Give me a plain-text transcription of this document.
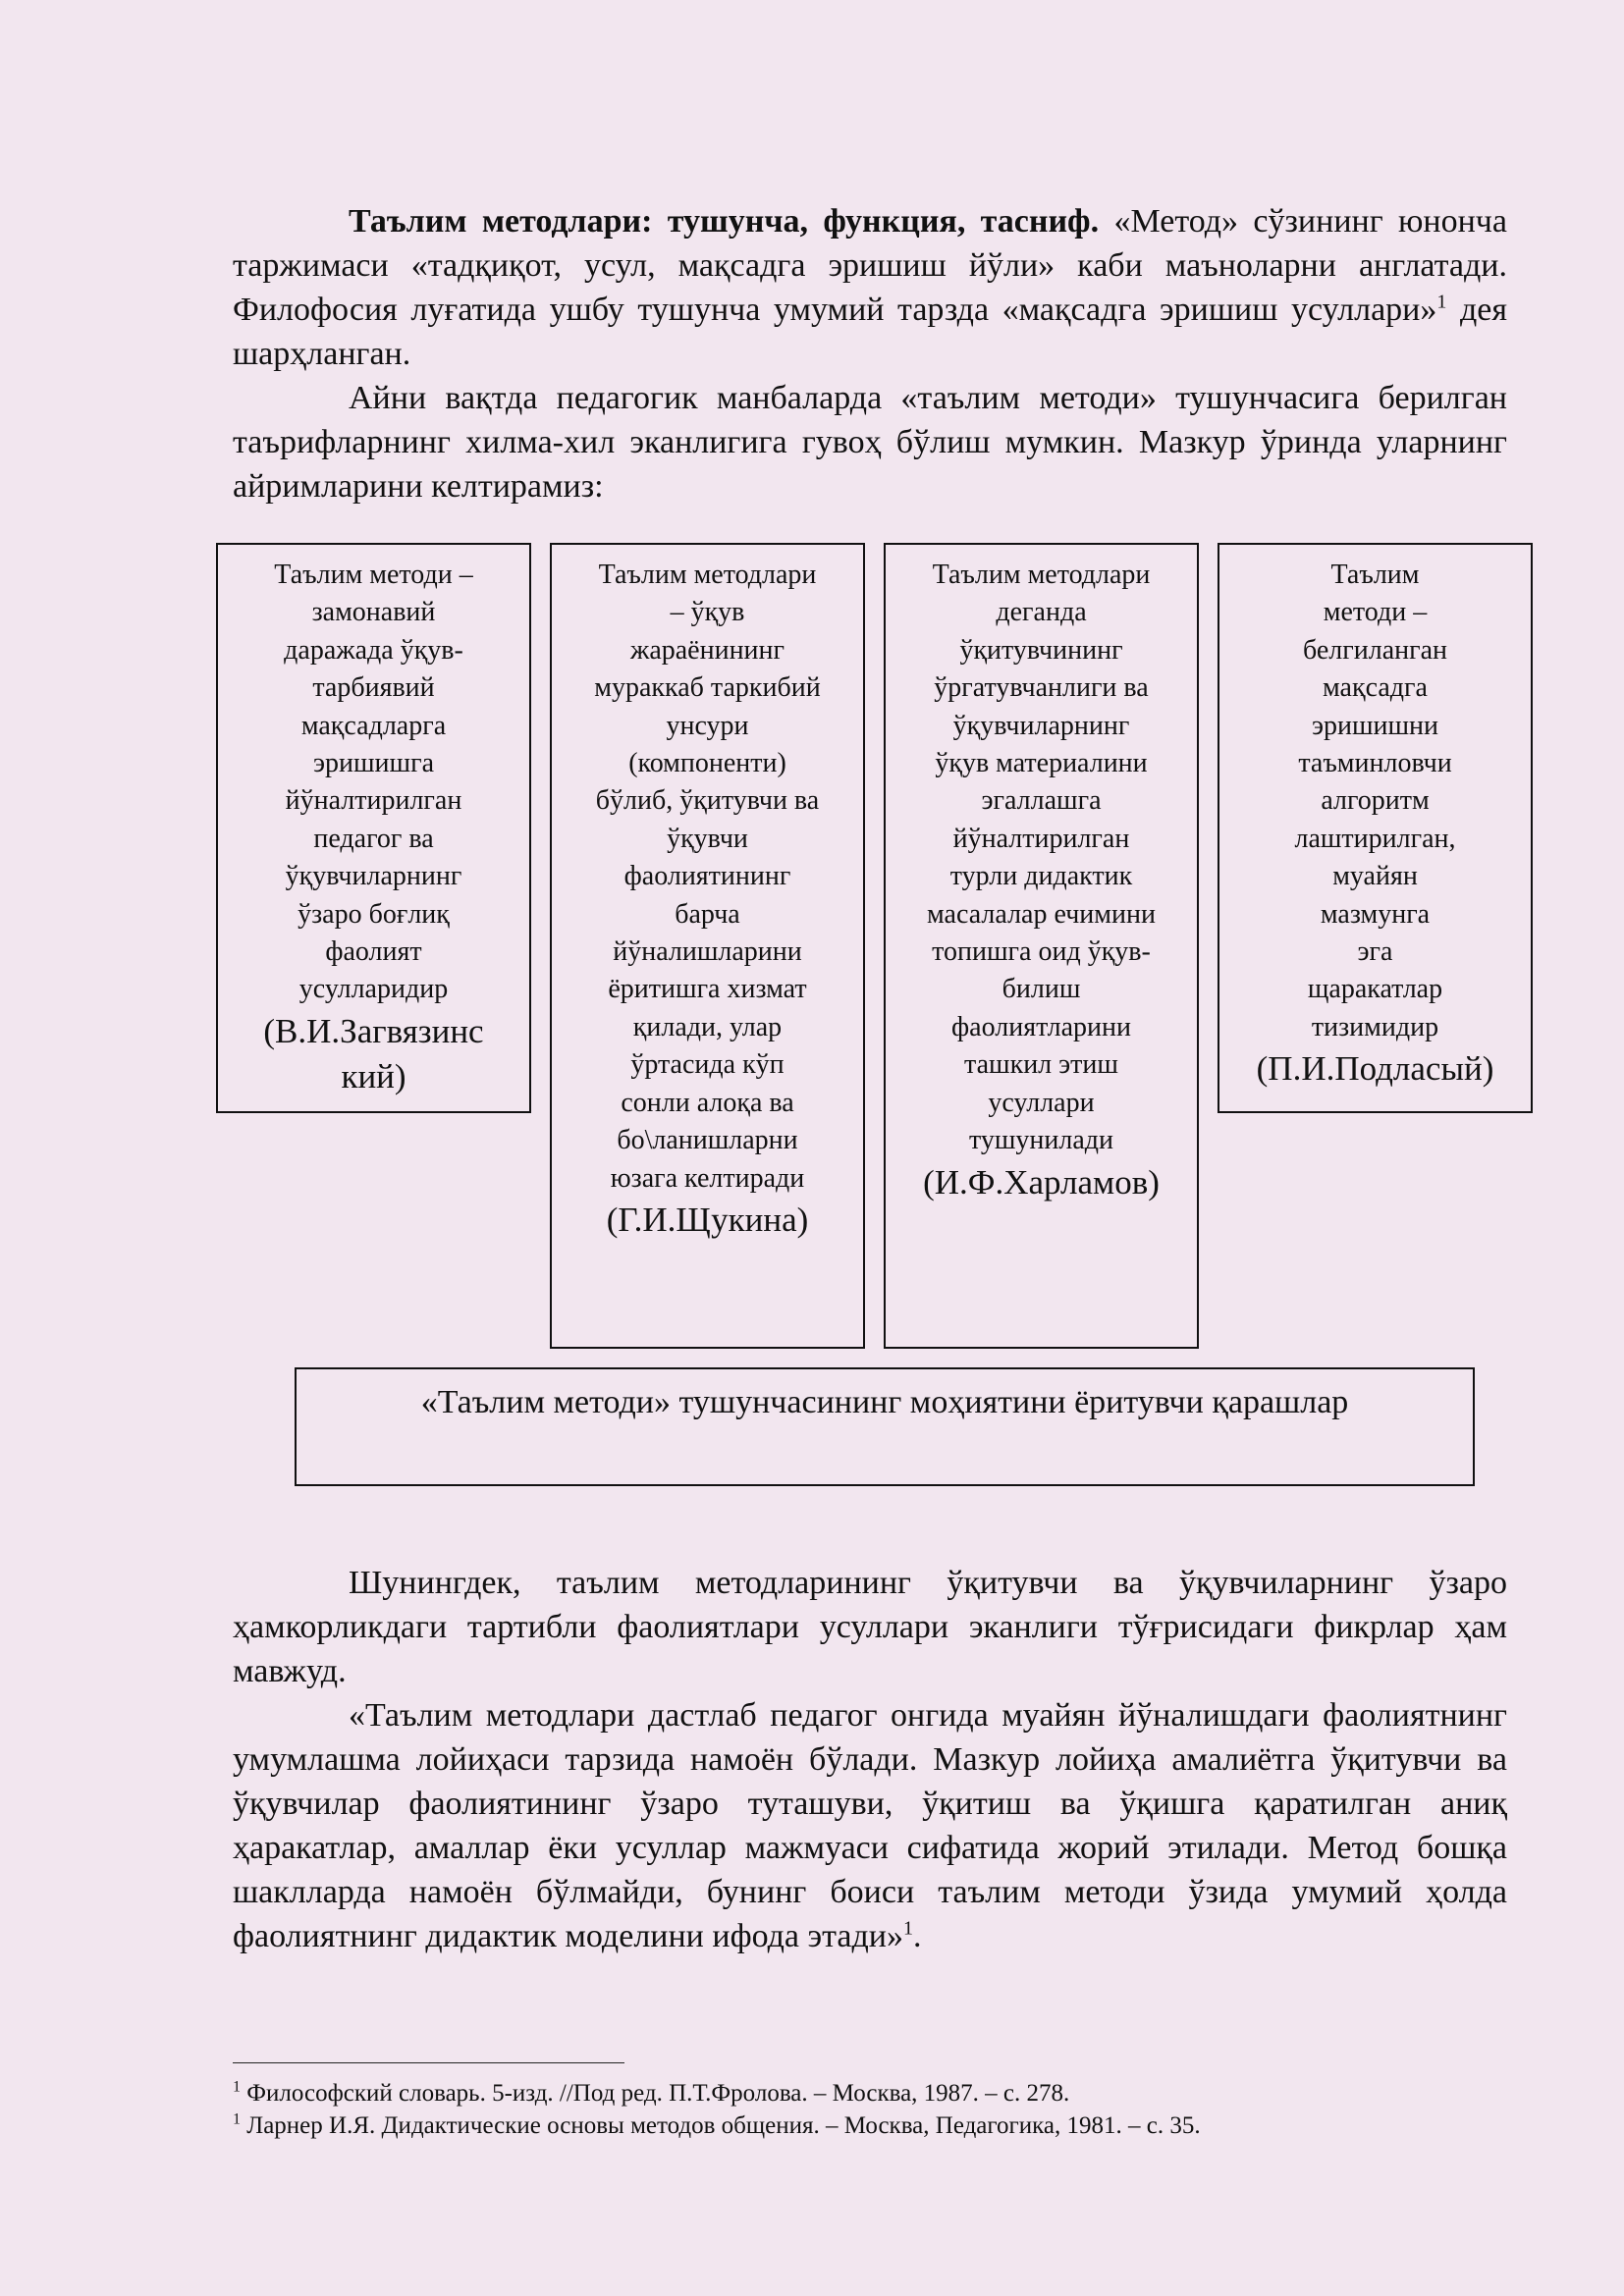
Таълим методлари: тушунча, функция, тасниф. «Метод» сўзининг юнонча таржимаси «тадқиқот, усул, мақсадга эришиш йўли» каби маъноларни англатади. Филофосия луғатида ушбу тушунча умумий тарзда «мақсадга эришиш усуллари»$^1$ дея шарҳланган.

Айни вақтда педагогик манбаларда «таълим методи» тушунчасига берилган таърифларнинг хилма-хил эканлигига гувоҳ бўлиш мумкин. Мазкур ўринда уларнинг айримларини келтирамиз:

Таълим методи –
замонавий
даражада ўқув-
тарбиявий
мақсадларга
эришишга
йўналтирилган
педагог ва
ўқувчиларнинг
ўзаро боғлиқ
фаолият
усулларидир
(В.И.Загвязинс
кий)
Таълим методлари
– ўқув
жараёнининг
мураккаб таркибий
унсури
(компоненти)
бўлиб, ўқитувчи ва
ўқувчи
фаолиятининг
барча
йўналишларини
ёритишга хизмат
қилади, улар
ўртасида кўп
сонли алоқа ва
бо\ланишларни
юзага келтиради
(Г.И.Щукина)
Таълим методлари
деганда
ўқитувчининг
ўргатувчанлиги ва
ўқувчиларнинг
ўқув материалини
эгаллашга
йўналтирилган
турли дидактик
масалалар ечимини
топишга оид ўқув-
билиш
фаолиятларини
ташкил этиш
усуллари
тушунилади
(И.Ф.Харламов)
Таълим
методи –
белгиланган
мақсадга
эришишни
таъминловчи
алгоритм
лаштирилган,
муайян
мазмунга
эга
щаракатлар
тизимидир
(П.И.Подласый)
«Таълим методи» тушунчасининг моҳиятини ёритувчи қарашлар

Шунингдек, таълим методларининг ўқитувчи ва ўқувчиларнинг ўзаро ҳамкорликдаги тартибли фаолиятлари усуллари эканлиги тўғрисидаги фикрлар ҳам мавжуд.

«Таълим методлари дастлаб педагог онгида муайян йўналишдаги фаолиятнинг умумлашма лойиҳаси тарзида намоён бўлади. Мазкур лойиҳа амалиётга ўқитувчи ва ўқувчилар фаолиятининг ўзаро туташуви, ўқитиш ва ўқишга қаратилган аниқ ҳаракатлар, амаллар ёки усуллар мажмуаси сифатида жорий этилади. Метод бошқа шаклларда намоён бўлмайди, бунинг боиси таълим методи ўзида умумий ҳолда фаолиятнинг дидактик моделини ифода этади»$^1$.

$^1$ Философский словарь. 5-изд. //Под ред. П.Т.Фролова. – Москва, 1987. – с. 278.
$^1$ Ларнер И.Я. Дидактические основы методов общения. – Москва, Педагогика, 1981. – с. 35.
